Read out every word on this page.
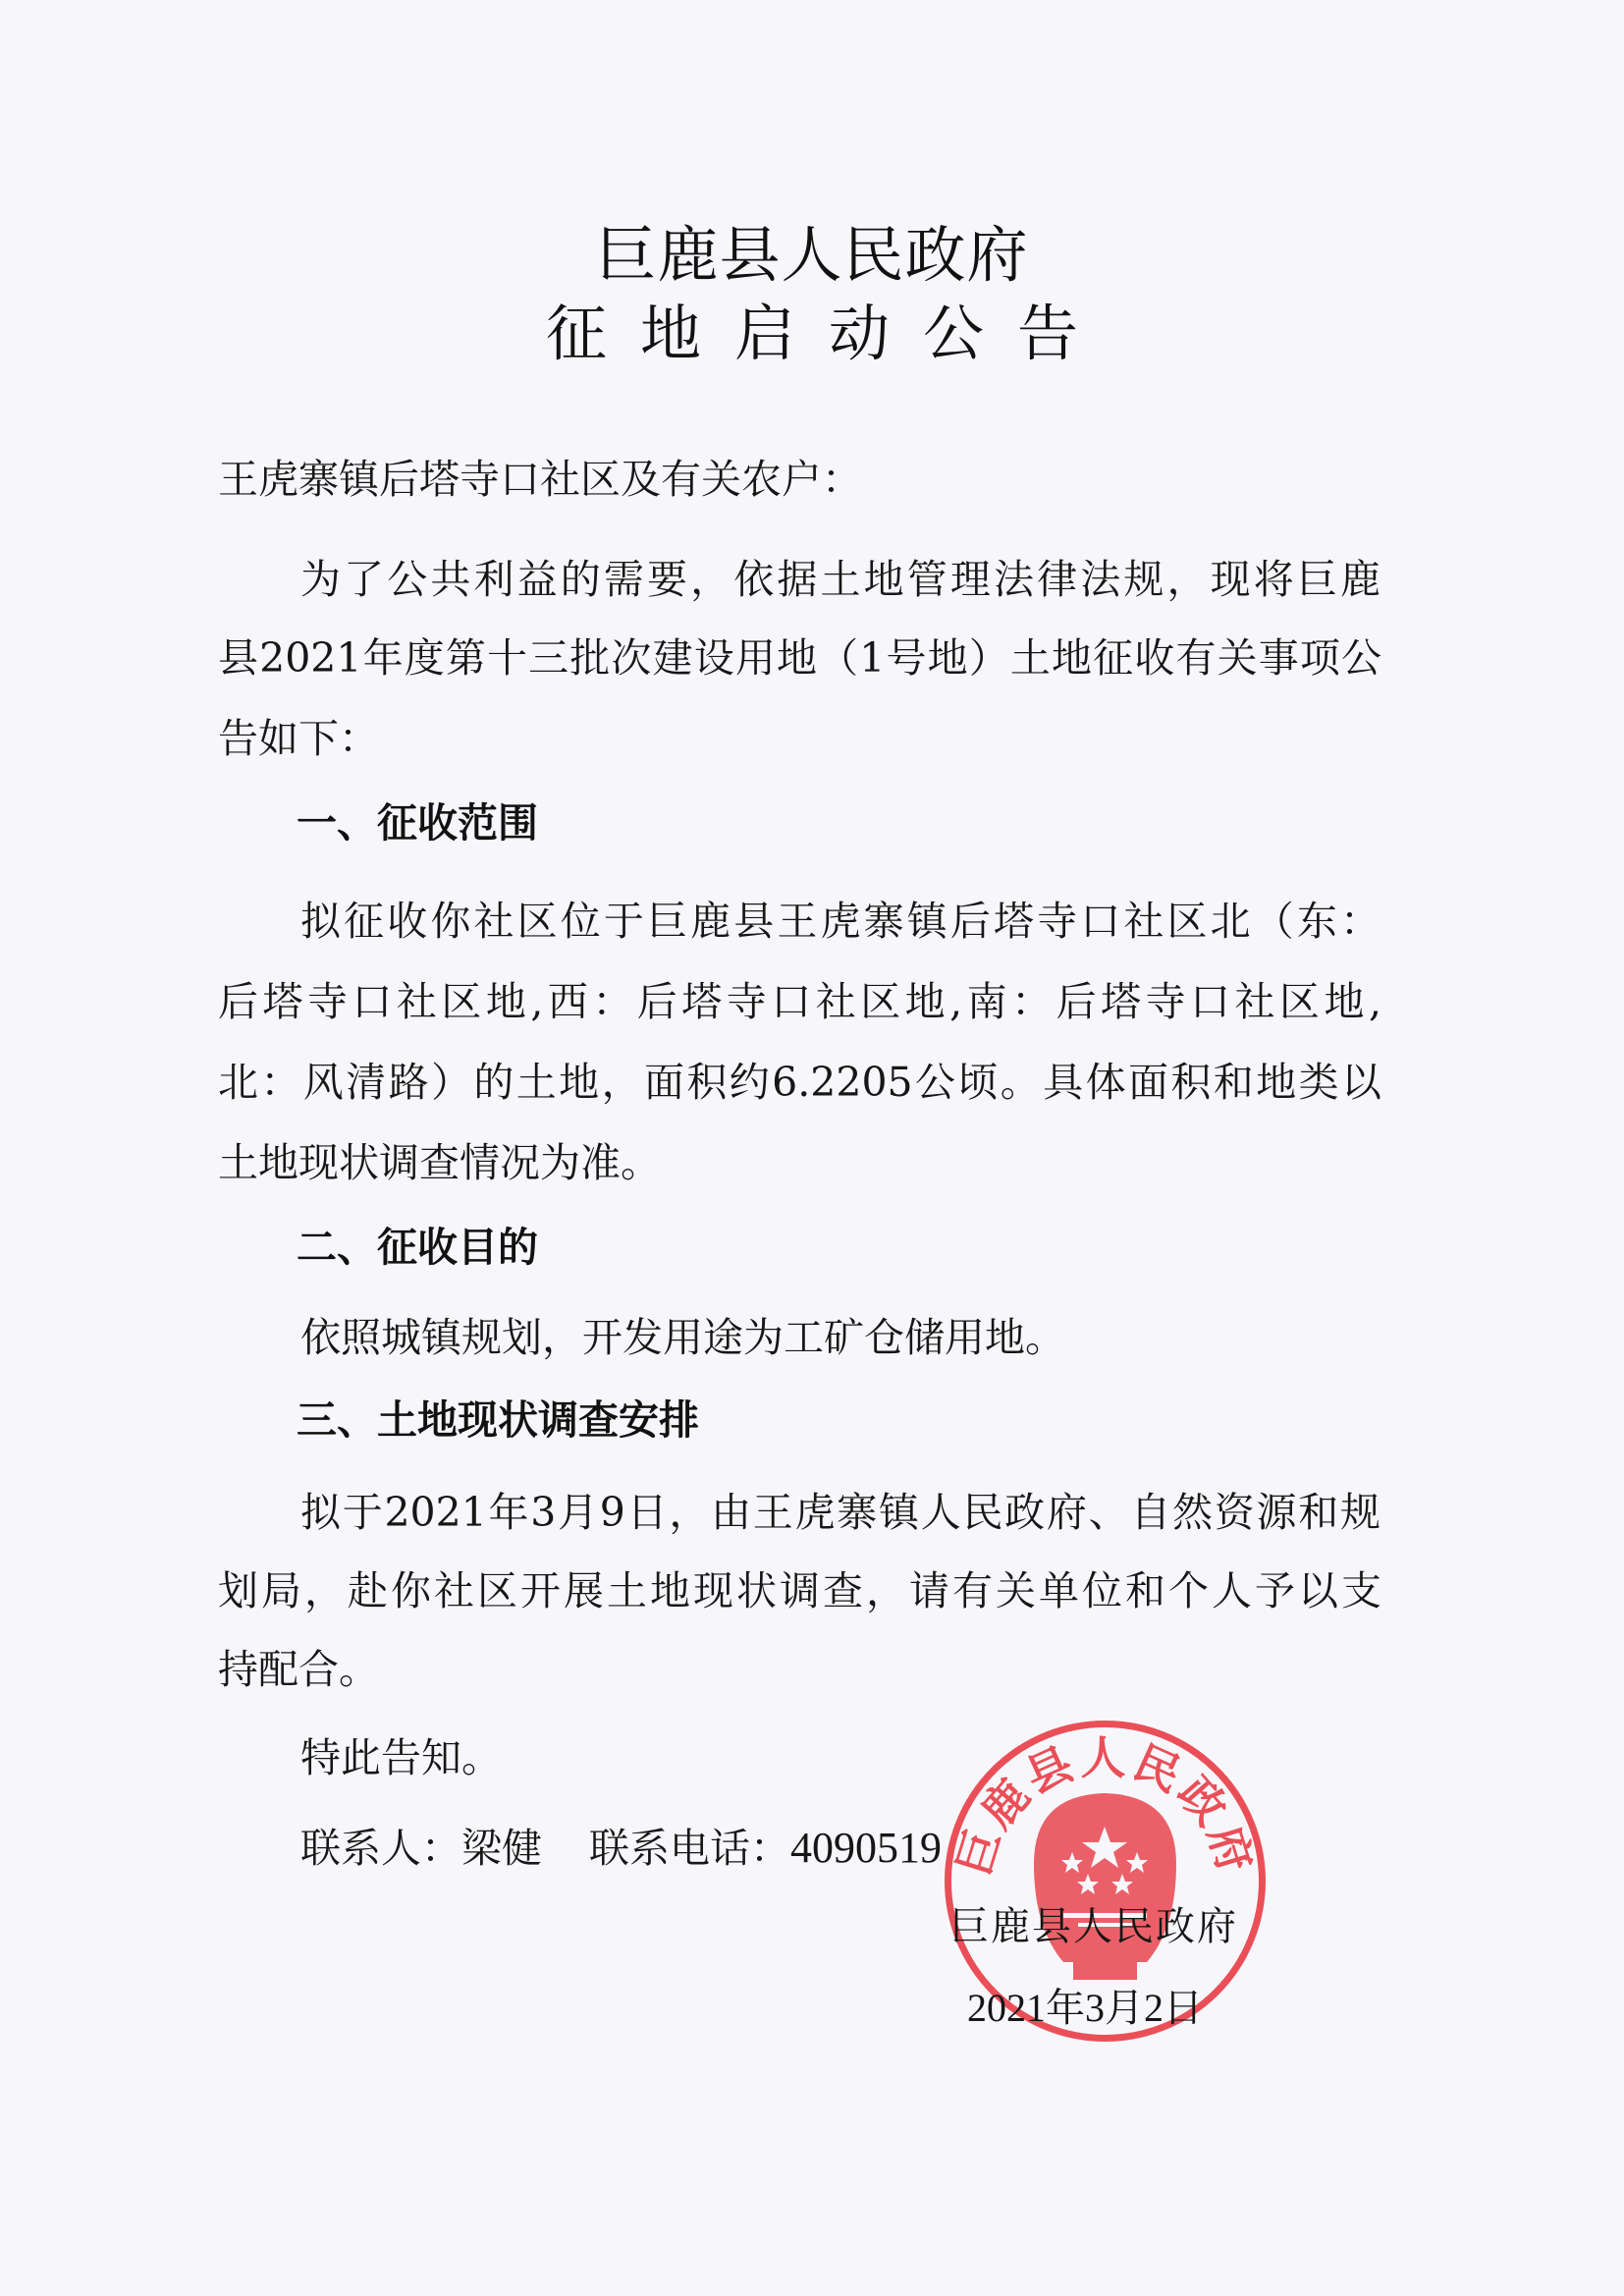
巨鹿县人民政府
征地启动公告
王虎寨镇后塔寺口社区及有关农户：
为了公共利益的需要，依据土地管理法律法规，现将巨鹿
县2021年度第十三批次建设用地（1号地）土地征收有关事项公
告如下：
一、征收范围
拟征收你社区位于巨鹿县王虎寨镇后塔寺口社区北（东：
后塔寺口社区地,西：后塔寺口社区地,南：后塔寺口社区地,
北：风清路）的土地，面积约6.2205公顷。具体面积和地类以
土地现状调查情况为准。
二、征收目的
依照城镇规划，开发用途为工矿仓储用地。
三、土地现状调查安排
拟于2021年3月9日，由王虎寨镇人民政府、自然资源和规
划局，赴你社区开展土地现状调查，请有关单位和个人予以支
持配合。
特此告知。
联系人：梁健 联系电话：4090519 巨鹿县人民政府
巨鹿县人民政府
2021年3月2日
